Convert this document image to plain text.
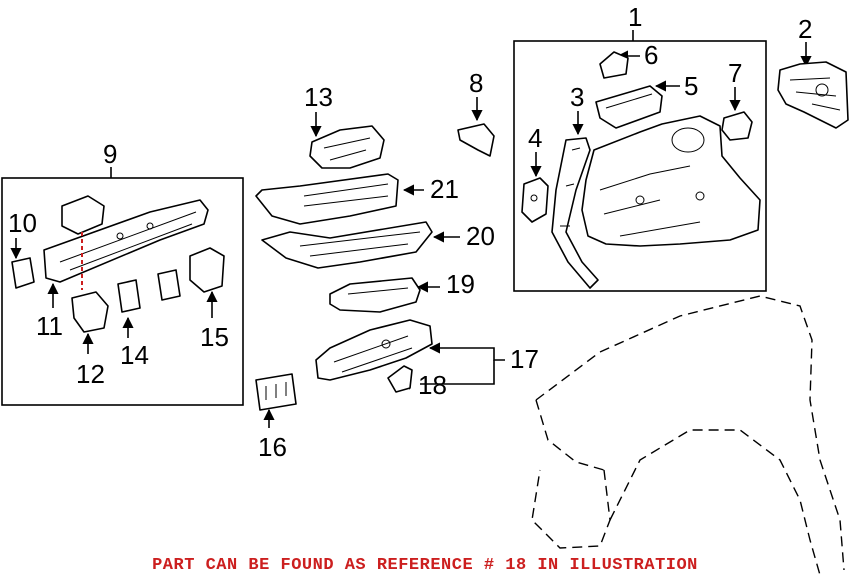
1	2
3
4
5
6
7
8
9
10
11
12
13
14
15
16
17
18
19
20
21
PART CAN BE FOUND AS REFERENCE # 18 IN ILLUSTRATION
